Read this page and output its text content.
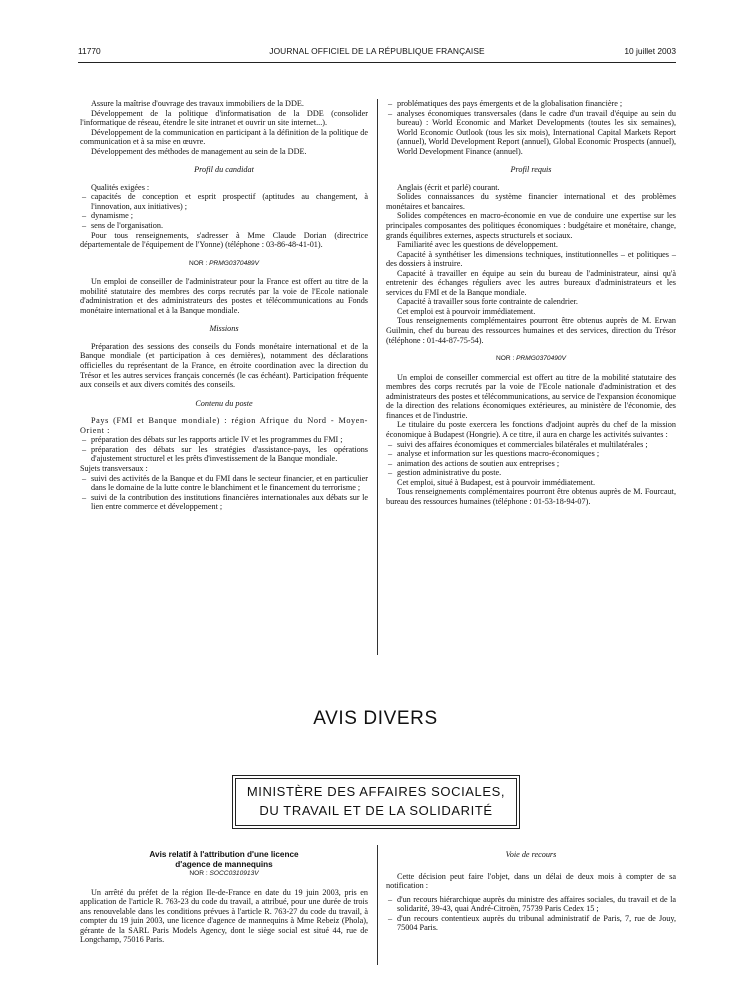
11770	JOURNAL OFFICIEL DE LA RÉPUBLIQUE FRANÇAISE	10 juillet 2003

Assure la maîtrise d'ouvrage des travaux immobiliers de la DDE.

Développement de la politique d'informatisation de la DDE (consolider l'informatique de réseau, étendre le site intranet et ouvrir un site internet...).

Développement de la communication en participant à la définition de la politique de communication et à sa mise en œuvre.

Développement des méthodes de management au sein de la DDE.

Profil du candidat

Qualités exigées :

– capacités de conception et esprit prospectif (aptitudes au changement, à l'innovation, aux initiatives) ;
– dynamisme ;
– sens de l'organisation.

Pour tous renseignements, s'adresser à Mme Claude Dorian (directrice départementale de l'équipement de l'Yonne) (téléphone : 03-86-48-41-01).

NOR : PRMG0370489V

Un emploi de conseiller de l'administrateur pour la France est offert au titre de la mobilité statutaire des membres des corps recrutés par la voie de l'Ecole nationale d'administration et des administrateurs des postes et télécommunications au Fonds monétaire international et à la Banque mondiale.

Missions

Préparation des sessions des conseils du Fonds monétaire international et de la Banque mondiale (et participation à ces dernières), notamment des déclarations officielles du représentant de la France, en étroite coordination avec la direction du Trésor et les autres services français concernés (le cas échéant). Participation fréquente aux conseils et aux divers comités des conseils.

Contenu du poste

Pays (FMI et Banque mondiale) : région Afrique du Nord - Moyen-Orient :

– préparation des débats sur les rapports article IV et les programmes du FMI ;
– préparation des débats sur les stratégies d'assistance-pays, les opérations d'ajustement structurel et les prêts d'investissement de la Banque mondiale.

Sujets transversaux :

– suivi des activités de la Banque et du FMI dans le secteur financier, et en particulier dans le domaine de la lutte contre le blanchiment et le financement du terrorisme ;
– suivi de la contribution des institutions financières internationales aux débats sur le lien entre commerce et développement ;
– problématiques des pays émergents et de la globalisation financière ;
– analyses économiques transversales (dans le cadre d'un travail d'équipe au sein du bureau) : World Economic and Market Developments (toutes les six semaines), World Economic Outlook (tous les six mois), International Capital Markets Report (annuel), World Development Report (annuel), Global Economic Prospects (annuel), World Development Finance (annuel).
Profil requis

Anglais (écrit et parlé) courant.

Solides connaissances du système financier international et des problèmes monétaires et bancaires.

Solides compétences en macro-économie en vue de conduire une expertise sur les principales composantes des politiques économiques : budgétaire et monétaire, change, grands équilibres externes, aspects structurels et sociaux.

Familiarité avec les questions de développement.

Capacité à synthétiser les dimensions techniques, institutionnelles – et politiques – des dossiers à instruire.

Capacité à travailler en équipe au sein du bureau de l'administrateur, ainsi qu'à entretenir des échanges réguliers avec les autres bureaux d'administrateurs et les services du FMI et de la Banque mondiale.

Capacité à travailler sous forte contrainte de calendrier.

Cet emploi est à pourvoir immédiatement.

Tous renseignements complémentaires pourront être obtenus auprès de M. Erwan Guilmin, chef du bureau des ressources humaines et des services, direction du Trésor (téléphone : 01-44-87-75-54).

NOR : PRMG0370490V

Un emploi de conseiller commercial est offert au titre de la mobilité statutaire des membres des corps recrutés par la voie de l'Ecole nationale d'administration et des administrateurs des postes et télécommunications, au service de l'expansion économique de la direction des relations économiques extérieures, au ministère de l'économie, des finances et de l'industrie.

Le titulaire du poste exercera les fonctions d'adjoint auprès du chef de la mission économique à Budapest (Hongrie). A ce titre, il aura en charge les activités suivantes :

– suivi des affaires économiques et commerciales bilatérales et multilatérales ;
– analyse et information sur les questions macro-économiques ;
– animation des actions de soutien aux entreprises ;
– gestion administrative du poste.

Cet emploi, situé à Budapest, est à pourvoir immédiatement.

Tous renseignements complémentaires pourront être obtenus auprès de M. Fourcaut, bureau des ressources humaines (téléphone : 01-53-18-94-07).

AVIS DIVERS
MINISTÈRE DES AFFAIRES SOCIALES,
DU TRAVAIL ET DE LA SOLIDARITÉ
Avis relatif à l'attribution d'une licence
d'agence de mannequins
NOR : SOCC0310913V

Un arrêté du préfet de la région Ile-de-France en date du 19 juin 2003, pris en application de l'article R. 763-23 du code du travail, a attribué, pour une durée de trois ans renouvelable dans les conditions prévues à l'article R. 763-27 du code du travail, à compter du 19 juin 2003, une licence d'agence de mannequins à Mme Rebeiz (Phola), gérante de la SARL Paris Models Agency, dont le siège social est situé 44, rue de Longchamp, 75016 Paris.

Voie de recours

Cette décision peut faire l'objet, dans un délai de deux mois à compter de sa notification :

– d'un recours hiérarchique auprès du ministre des affaires sociales, du travail et de la solidarité, 39-43, quai André-Citroën, 75739 Paris Cedex 15 ;
– d'un recours contentieux auprès du tribunal administratif de Paris, 7, rue de Jouy, 75004 Paris.
